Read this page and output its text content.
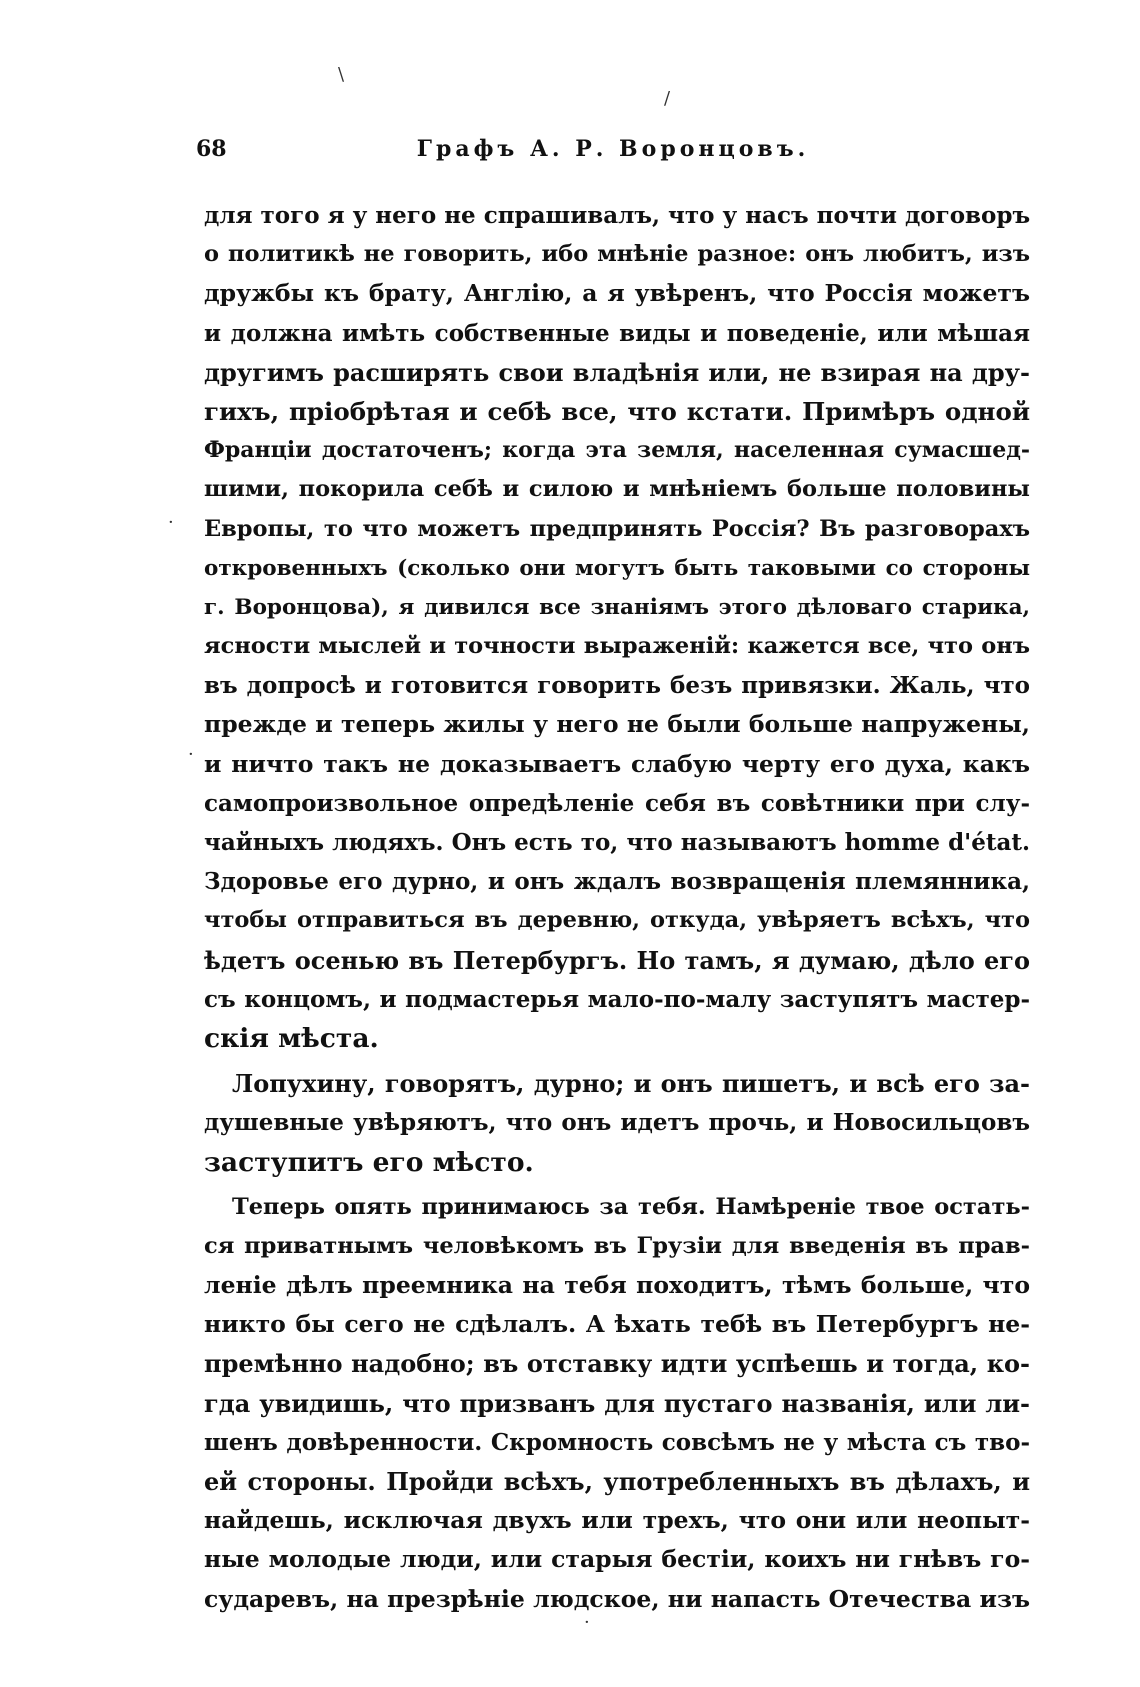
\
/
·
·
·
68	Графъ А. Р. Воронцовъ.
для того я у него не спрашивалъ, что у насъ почти договоръ
о политикѣ не говорить, ибо мнѣніе разное: онъ любитъ, изъ
дружбы къ брату, Англію, а я увѣренъ, что Россія можетъ
и должна имѣть собственные виды и поведеніе, или мѣшая
другимъ расширять свои владѣнія или, не взирая на дру-
гихъ, пріобрѣтая и себѣ все, что кстати. Примѣръ одной
Франціи достаточенъ; когда эта земля, населенная сумасшед-
шими, покорила себѣ и силою и мнѣніемъ больше половины
Европы, то что можетъ предпринять Россія? Въ разговорахъ
откровенныхъ (сколько они могутъ быть таковыми со стороны
г. Воронцова), я дивился все знаніямъ этого дѣловаго старика,
ясности мыслей и точности выраженій: кажется все, что онъ
въ допросѣ и готовится говорить безъ привязки. Жаль, что
прежде и теперь жилы у него не были больше напружены,
и ничто такъ не доказываетъ слабую черту его духа, какъ
самопроизвольное опредѣленіе себя въ совѣтники при слу-
чайныхъ людяхъ. Онъ есть то, что называютъ homme d'état.
Здоровье его дурно, и онъ ждалъ возвращенія племянника,
чтобы отправиться въ деревню, откуда, увѣряетъ всѣхъ, что
ѣдетъ осенью въ Петербургъ. Но тамъ, я думаю, дѣло его
съ концомъ, и подмастерья мало-по-малу заступятъ мастер-
скія мѣста.
Лопухину, говорятъ, дурно; и онъ пишетъ, и всѣ его за-
душевные увѣряютъ, что онъ идетъ прочь, и Новосильцовъ
заступитъ его мѣсто.
Теперь опять принимаюсь за тебя. Намѣреніе твое остать-
ся приватнымъ человѣкомъ въ Грузіи для введенія въ прав-
леніе дѣлъ преемника на тебя походитъ, тѣмъ больше, что
никто бы сего не сдѣлалъ. А ѣхать тебѣ въ Петербургъ не-
премѣнно надобно; въ отставку идти успѣешь и тогда, ко-
гда увидишь, что призванъ для пустаго названія, или ли-
шенъ довѣренности. Скромность совсѣмъ не у мѣста съ тво-
ей стороны. Пройди всѣхъ, употребленныхъ въ дѣлахъ, и
найдешь, исключая двухъ или трехъ, что они или неопыт-
ные молодые люди, или старыя бестіи, коихъ ни гнѣвъ го-
сударевъ, на презрѣніе людское, ни напасть Отечества изъ
